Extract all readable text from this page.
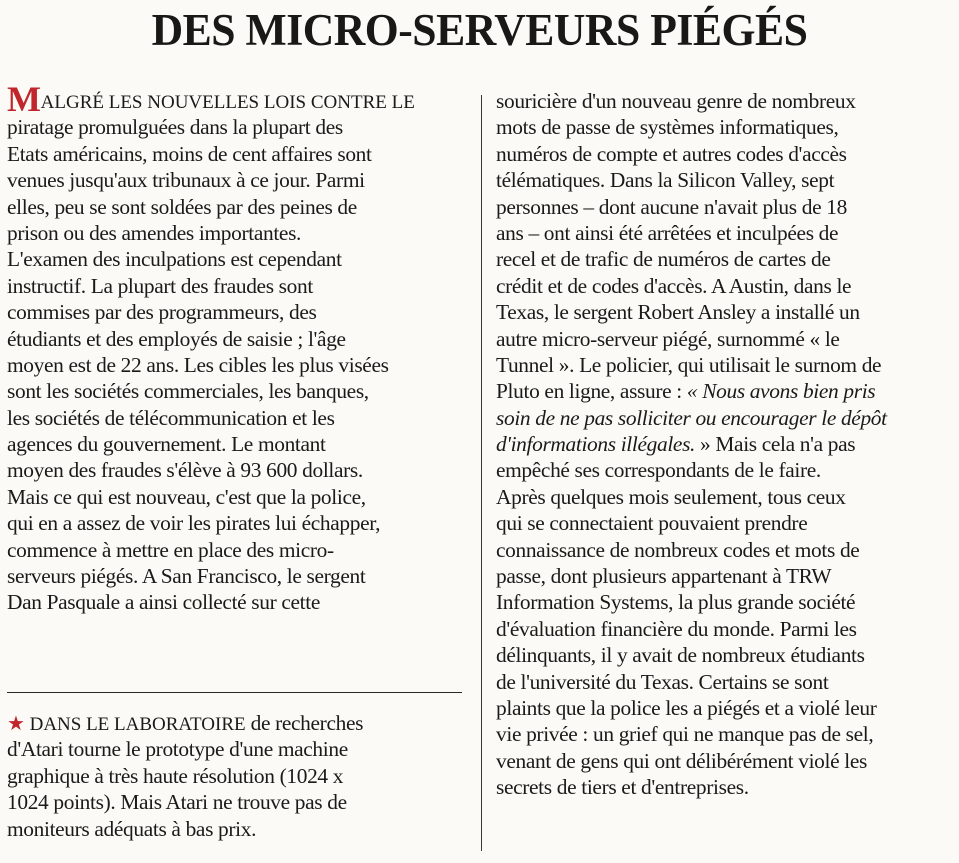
DES MICRO-SERVEURS PIÉGÉS
MALGRÉ LES NOUVELLES LOIS CONTRE LE
piratage promulguées dans la plupart des
Etats américains, moins de cent affaires sont
venues jusqu'aux tribunaux à ce jour. Parmi
elles, peu se sont soldées par des peines de
prison ou des amendes importantes.
L'examen des inculpations est cependant
instructif. La plupart des fraudes sont
commises par des programmeurs, des
étudiants et des employés de saisie ; l'âge
moyen est de 22 ans. Les cibles les plus visées
sont les sociétés commerciales, les banques,
les sociétés de télécommunication et les
agences du gouvernement. Le montant
moyen des fraudes s'élève à 93 600 dollars.
Mais ce qui est nouveau, c'est que la police,
qui en a assez de voir les pirates lui échapper,
commence à mettre en place des micro-
serveurs piégés. A San Francisco, le sergent
Dan Pasquale a ainsi collecté sur cette
★ DANS LE LABORATOIRE de recherches
d'Atari tourne le prototype d'une machine
graphique à très haute résolution (1024 x
1024 points). Mais Atari ne trouve pas de
moniteurs adéquats à bas prix.
souricière d'un nouveau genre de nombreux
mots de passe de systèmes informatiques,
numéros de compte et autres codes d'accès
télématiques. Dans la Silicon Valley, sept
personnes – dont aucune n'avait plus de 18
ans – ont ainsi été arrêtées et inculpées de
recel et de trafic de numéros de cartes de
crédit et de codes d'accès. A Austin, dans le
Texas, le sergent Robert Ansley a installé un
autre micro-serveur piégé, surnommé « le
Tunnel ». Le policier, qui utilisait le surnom de
Pluto en ligne, assure : « Nous avons bien pris
soin de ne pas solliciter ou encourager le dépôt
d'informations illégales. » Mais cela n'a pas
empêché ses correspondants de le faire.
Après quelques mois seulement, tous ceux
qui se connectaient pouvaient prendre
connaissance de nombreux codes et mots de
passe, dont plusieurs appartenant à TRW
Information Systems, la plus grande société
d'évaluation financière du monde. Parmi les
délinquants, il y avait de nombreux étudiants
de l'université du Texas. Certains se sont
plaints que la police les a piégés et a violé leur
vie privée : un grief qui ne manque pas de sel,
venant de gens qui ont délibérément violé les
secrets de tiers et d'entreprises.
